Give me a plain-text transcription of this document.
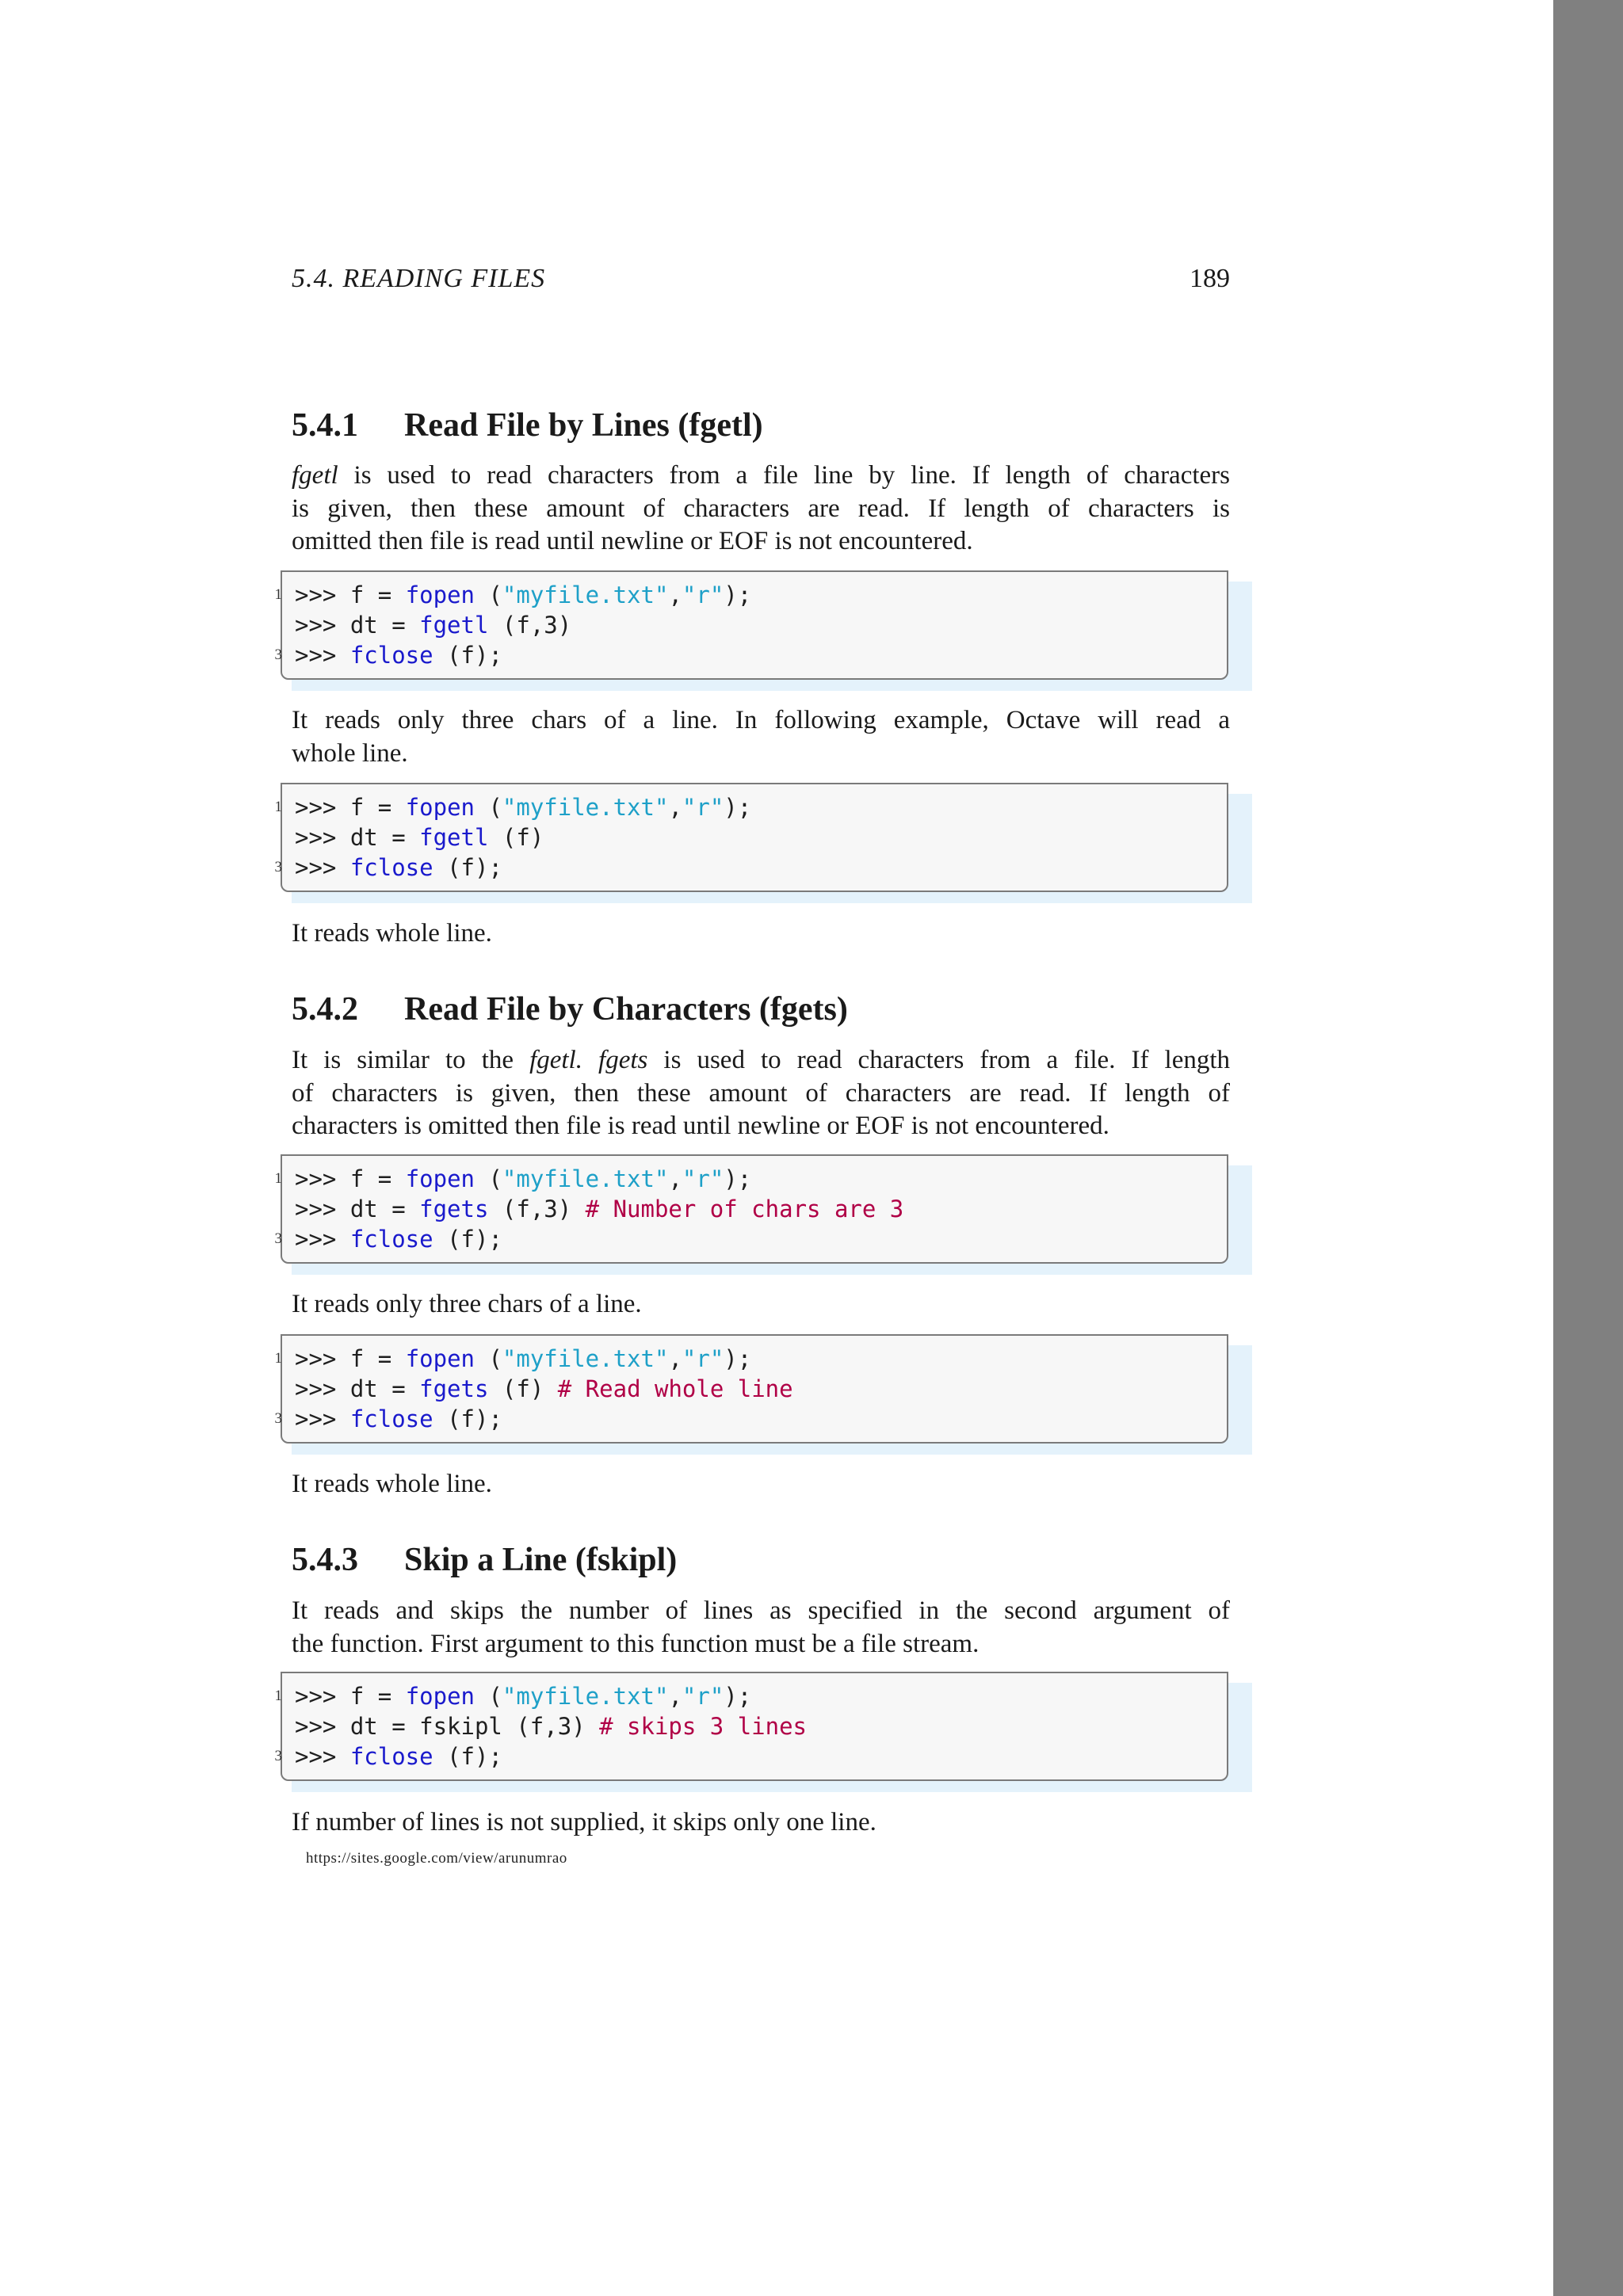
5.4. READING FILES	189
5.4.1 Read File by Lines (fgetl)

fgetl is used to read characters from a file line by line. If length of characters
is given, then these amount of characters are read. If length of characters is
omitted then file is read until newline or EOF is not encountered.

1 >>> f = fopen ("myfile.txt","r");
>>> dt = fgetl (f,3)
3 >>> fclose (f);

It reads only three chars of a line. In following example, Octave will read a
whole line.

1 >>> f = fopen ("myfile.txt","r");
>>> dt = fgetl (f)
3 >>> fclose (f);

It reads whole line.

5.4.2 Read File by Characters (fgets)

It is similar to the fgetl. fgets is used to read characters from a file. If length
of characters is given, then these amount of characters are read. If length of
characters is omitted then file is read until newline or EOF is not encountered.

1 >>> f = fopen ("myfile.txt","r");
>>> dt = fgets (f,3) # Number of chars are 3
3 >>> fclose (f);

It reads only three chars of a line.

1 >>> f = fopen ("myfile.txt","r");
>>> dt = fgets (f) # Read whole line
3 >>> fclose (f);

It reads whole line.

5.4.3 Skip a Line (fskipl)

It reads and skips the number of lines as specified in the second argument of
the function. First argument to this function must be a file stream.

1 >>> f = fopen ("myfile.txt","r");
>>> dt = fskipl (f,3) # skips 3 lines
3 >>> fclose (f);

If number of lines is not supplied, it skips only one line.

https://sites.google.com/view/arunumrao
